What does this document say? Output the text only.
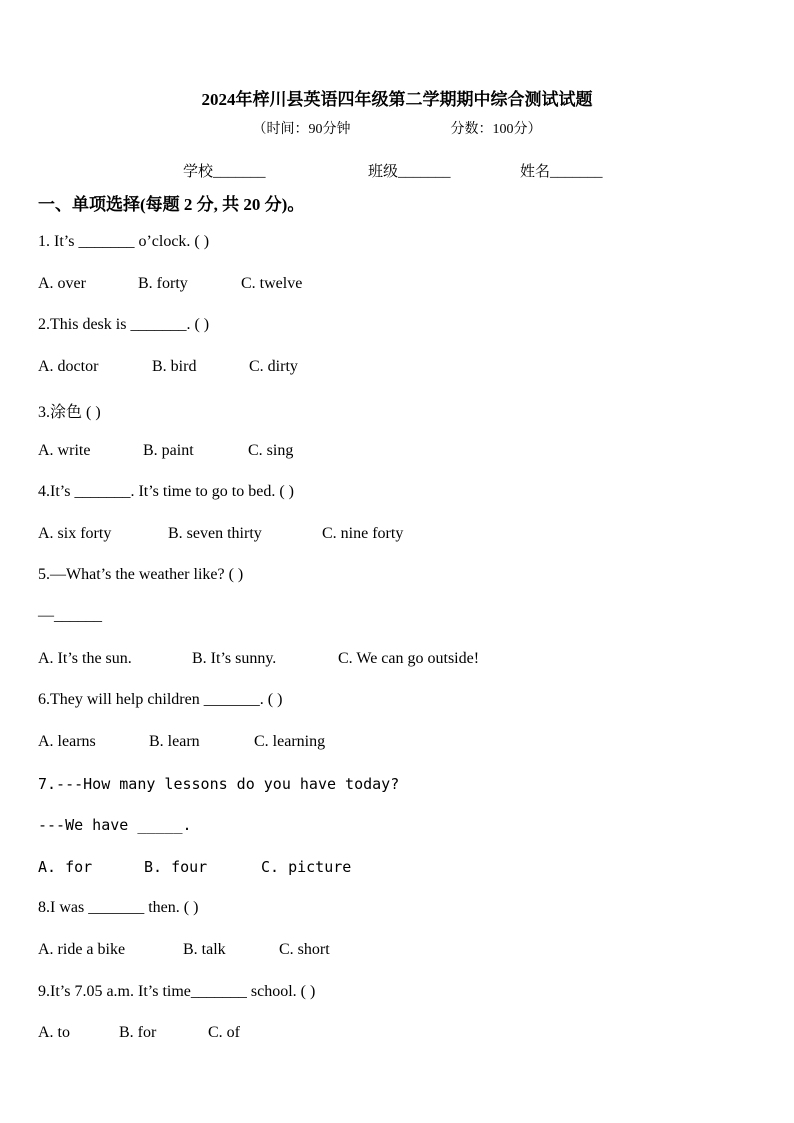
2024年梓川县英语四年级第二学期期中综合测试试题
（时间：90分钟	分数：100分）
学校_______	班级_______	姓名_______
一、单项选择(每题 2 分, 共 20 分)。
1. It’s _______ o’clock. ( )
A. over	B. forty	C. twelve
2.This desk is _______. ( )
A. doctor	B. bird	C. dirty
3.涂色 ( )
A. write	B. paint	C. sing
4.It’s _______. It’s time to go to bed. ( )
A. six forty	B. seven thirty	C. nine forty
5.—What’s the weather like? ( )
—______
A. It’s the sun.	B. It’s sunny.	C. We can go outside!
6.They will help children _______. ( )
A. learns	B. learn	C. learning
7.---How many lessons do you have today?
---We have _____.
A. for	B. four	C. picture
8.I was _______ then. ( )
A. ride a bike	B. talk	C. short
9.It’s 7.05 a.m. It’s time_______ school. ( )
A. to	B. for	C. of
